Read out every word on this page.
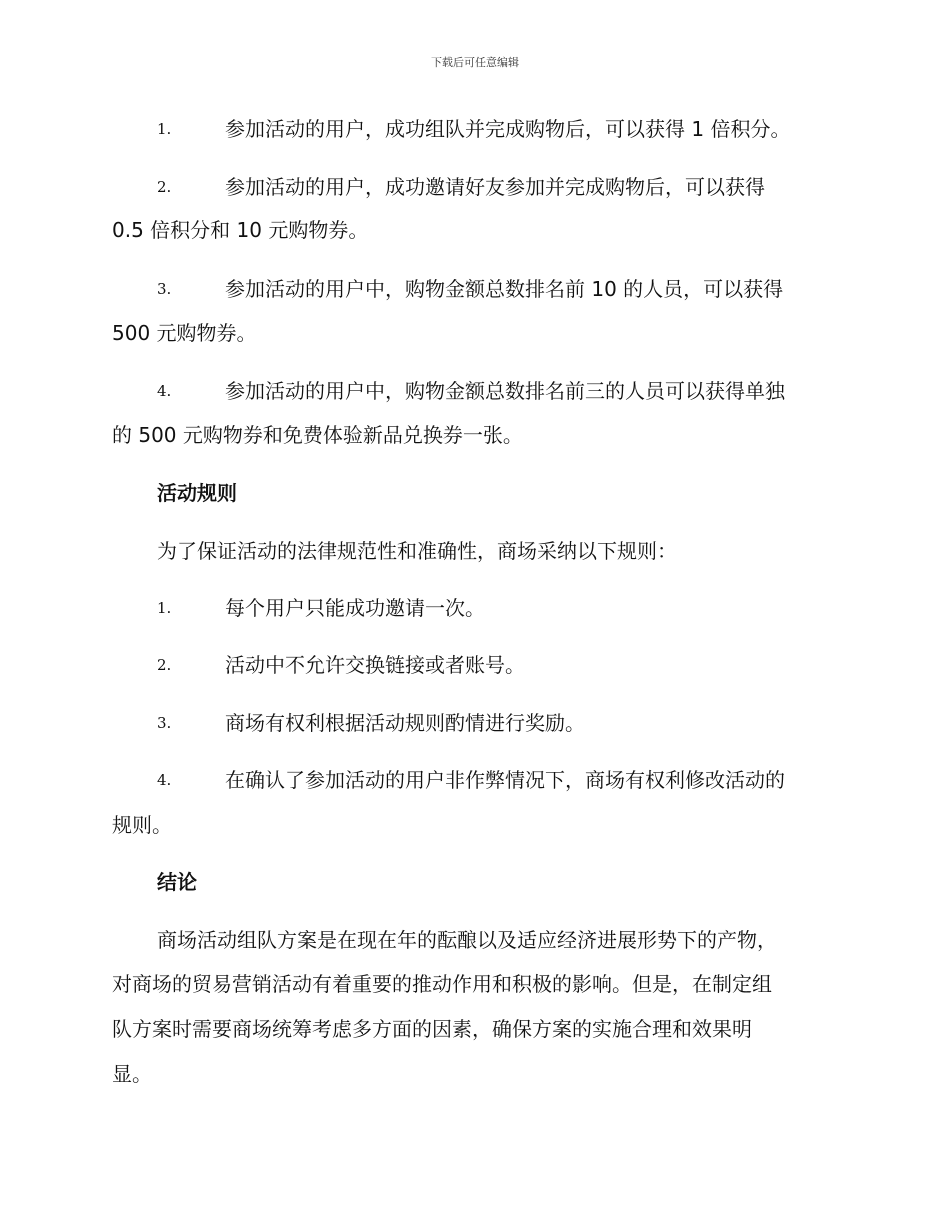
下载后可任意编辑
1.	参加活动的用户，成功组队并完成购物后，可以获得 1 倍积分。
2.	参加活动的用户，成功邀请好友参加并完成购物后，可以获得
0.5 倍积分和 10 元购物券。
3.	参加活动的用户中，购物金额总数排名前 10 的人员，可以获得
500 元购物券。
4.	参加活动的用户中，购物金额总数排名前三的人员可以获得单独
的 500 元购物券和免费体验新品兑换券一张。
活动规则
为了保证活动的法律规范性和准确性，商场采纳以下规则：
1.	每个用户只能成功邀请一次。
2.	活动中不允许交换链接或者账号。
3.	商场有权利根据活动规则酌情进行奖励。
4.	在确认了参加活动的用户非作弊情况下，商场有权利修改活动的
规则。
结论
商场活动组队方案是在现在年的酝酿以及适应经济进展形势下的产物，
对商场的贸易营销活动有着重要的推动作用和积极的影响。但是，在制定组
队方案时需要商场统筹考虑多方面的因素，确保方案的实施合理和效果明
显。
